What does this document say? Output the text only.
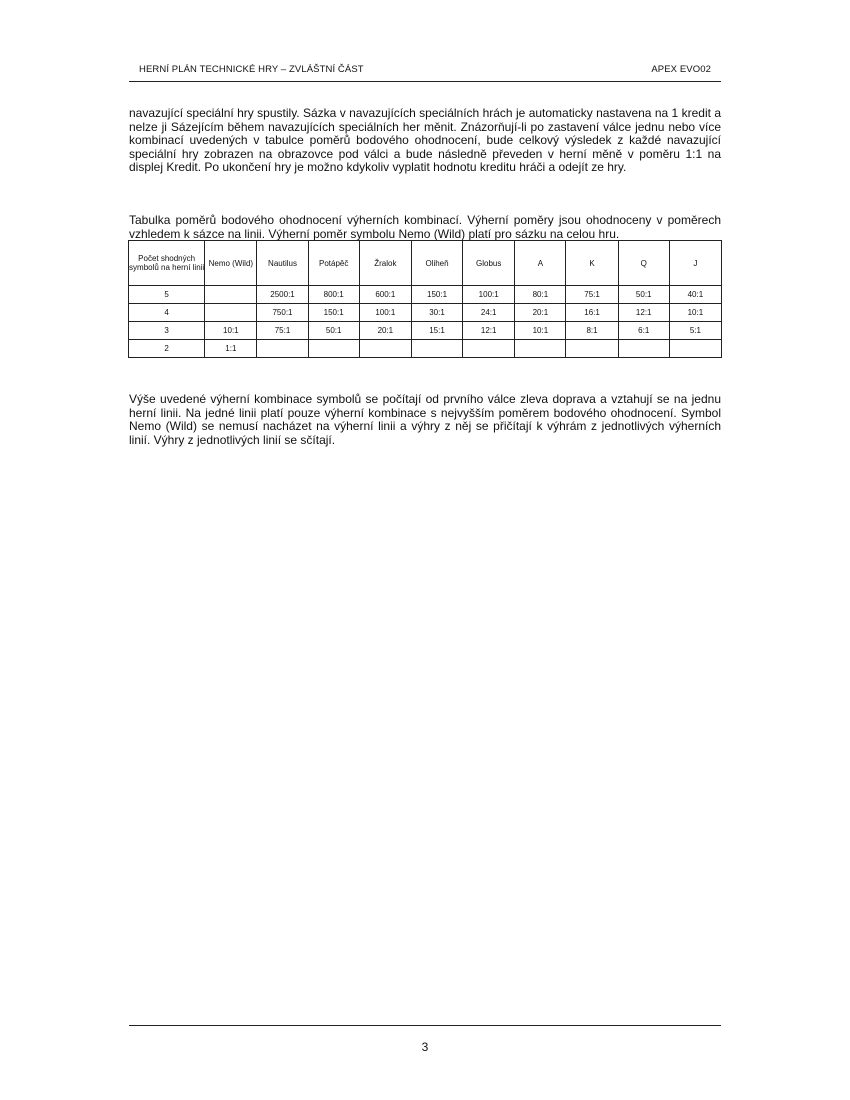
HERNÍ PLÁN TECHNICKÉ HRY – ZVLÁŠTNÍ ČÁST	APEX EVO02

navazující speciální hry spustily. Sázka v navazujících speciálních hrách je automaticky nastavena na 1 kredit a nelze ji Sázejícím během navazujících speciálních her měnit. Znázorňují-li po zastavení válce jednu nebo více kombinací uvedených v tabulce poměrů bodového ohodnocení, bude celkový výsledek z každé navazující speciální hry zobrazen na obrazovce pod válci a bude následně převeden v herní měně v poměru 1:1 na displej Kredit. Po ukončení hry je možno kdykoliv vyplatit hodnotu kreditu hráči a odejít ze hry.

Tabulka poměrů bodového ohodnocení výherních kombinací. Výherní poměry jsou ohodnoceny v poměrech vzhledem k sázce na linii. Výherní poměr symbolu Nemo (Wild) platí pro sázku na celou hru.

Počet shodných symbolů na herní linii	Nemo (Wild)	Nautilus	Potápěč	Žralok	Oliheň	Globus	A	K	Q	J
5		2500:1	800:1	600:1	150:1	100:1	80:1	75:1	50:1	40:1
4		750:1	150:1	100:1	30:1	24:1	20:1	16:1	12:1	10:1
3	10:1	75:1	50:1	20:1	15:1	12:1	10:1	8:1	6:1	5:1
2	1:1									

Výše uvedené výherní kombinace symbolů se počítají od prvního válce zleva doprava a vztahují se na jednu herní linii. Na jedné linii platí pouze výherní kombinace s nejvyšším poměrem bodového ohodnocení. Symbol Nemo (Wild) se nemusí nacházet na výherní linii a výhry z něj se přičítají k výhrám z jednotlivých výherních linií. Výhry z jednotlivých linií se sčítají.

3
